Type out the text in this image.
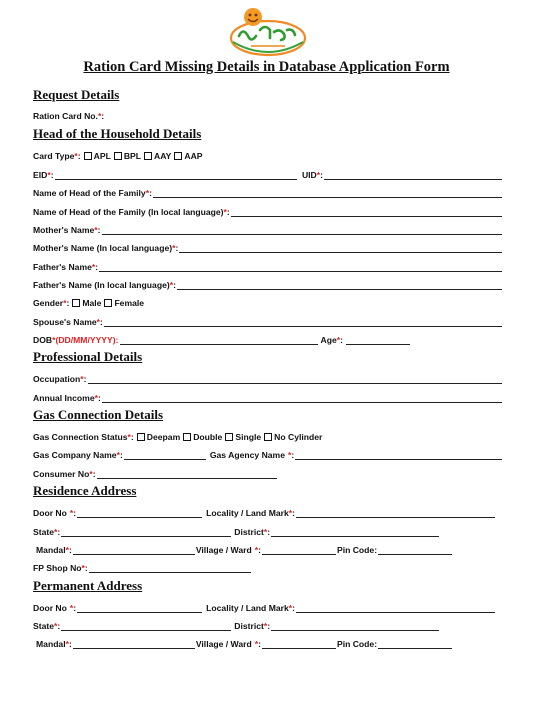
Ration Card Missing Details in Database Application Form
Request Details
Ration Card No. * :
Head of the Household Details
Card Type * : APL BPL AAY AAP
EID * :	UID * :
Name of Head of the Family * :
Name of Head of the Family (In local language) * :
Mother's Name * :
Mother's Name (In local language) * :
Father's Name * :
Father's Name (In local language) * :
Gender * : Male Female
Spouse's Name * :
DOB * (DD/MM/YYYY):	Age * :
Professional Details
Occupation * :
Annual Income * :
Gas Connection Details
Gas Connection Status * : Deepam Double Single No Cylinder
Gas Company Name * :	Gas Agency Name * :
Consumer No * :
Residence Address
Door No * :	Locality / Land Mark * :
State * :	District * :
Mandal * :	Village / Ward * :	Pin Code:
FP Shop No * :
Permanent Address
Door No * :	Locality / Land Mark * :
State * :	District * :
Mandal * :	Village / Ward * :	Pin Code:
